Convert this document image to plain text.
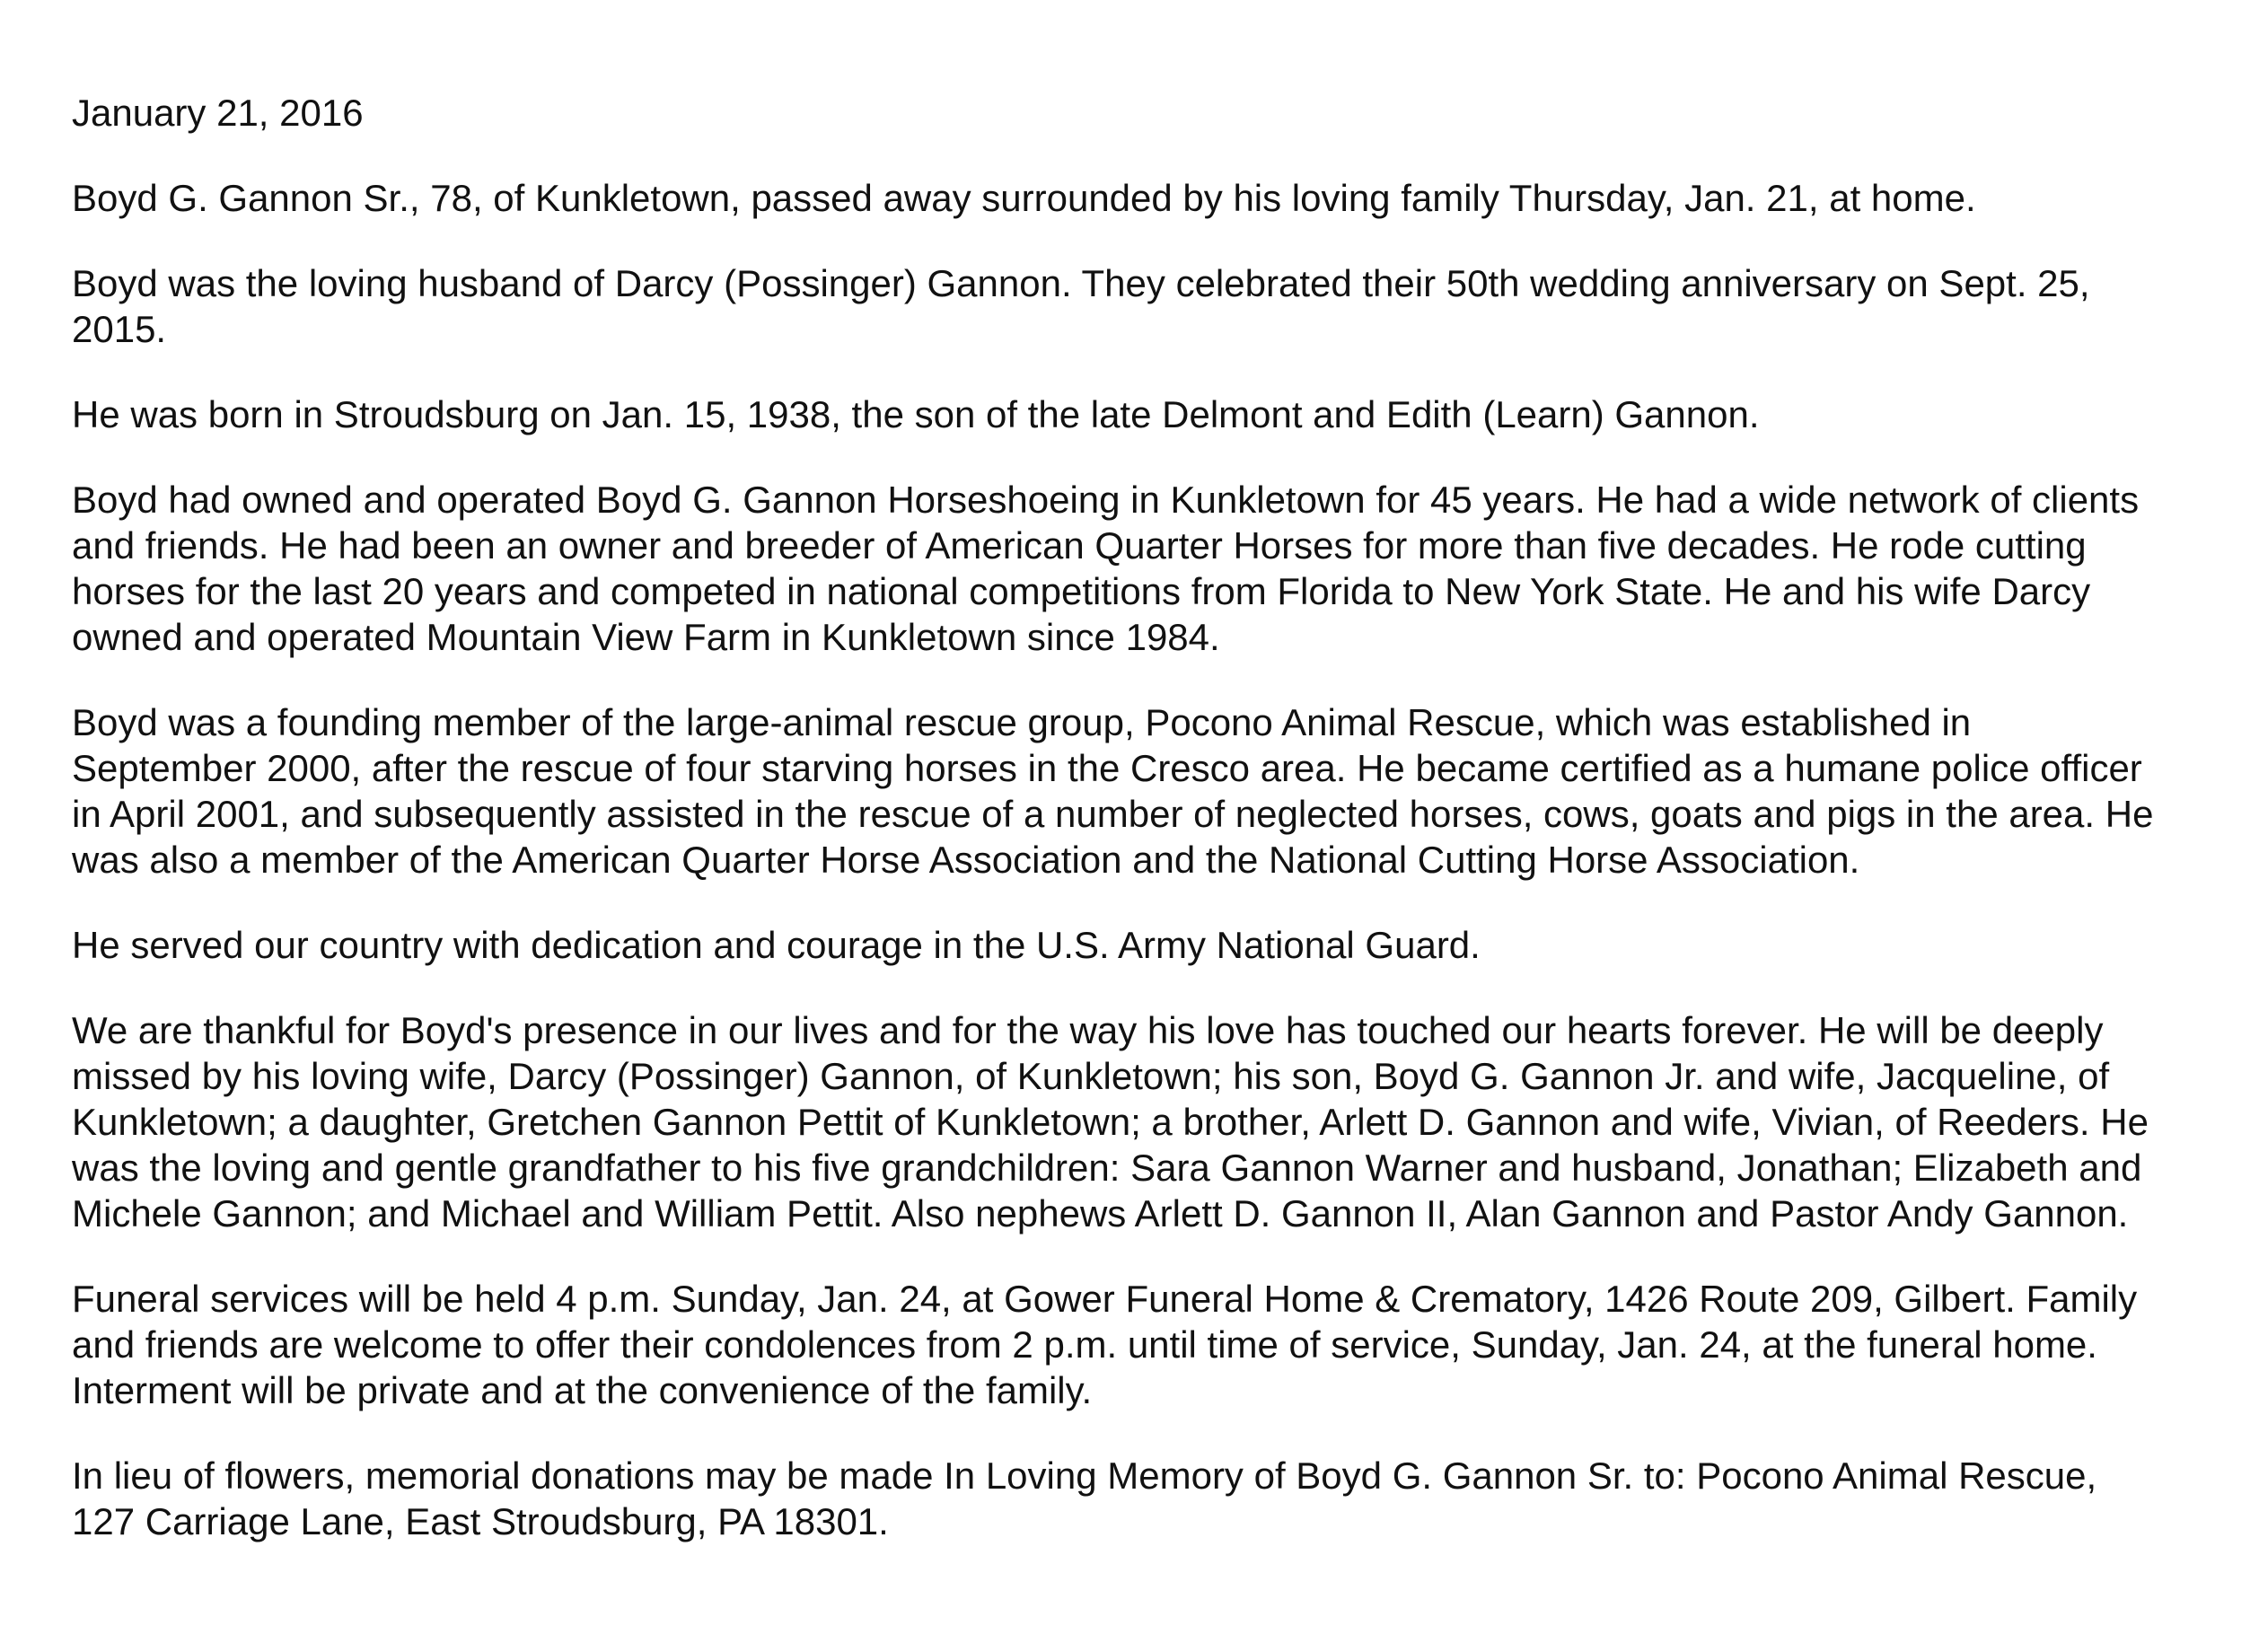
January 21, 2016

Boyd G. Gannon Sr., 78, of Kunkletown, passed away surrounded by his loving family Thursday, Jan. 21, at home.

Boyd was the loving husband of Darcy (Possinger) Gannon. They celebrated their 50th wedding anniversary on Sept. 25, 2015.

He was born in Stroudsburg on Jan. 15, 1938, the son of the late Delmont and Edith (Learn) Gannon.

Boyd had owned and operated Boyd G. Gannon Horseshoeing in Kunkletown for 45 years. He had a wide network of clients and friends. He had been an owner and breeder of American Quarter Horses for more than five decades. He rode cutting horses for the last 20 years and competed in national competitions from Florida to New York State. He and his wife Darcy owned and operated Mountain View Farm in Kunkletown since 1984.

Boyd was a founding member of the large-animal rescue group, Pocono Animal Rescue, which was established in September 2000, after the rescue of four starving horses in the Cresco area. He became certified as a humane police officer in April 2001, and subsequently assisted in the rescue of a number of neglected horses, cows, goats and pigs in the area. He was also a member of the American Quarter Horse Association and the National Cutting Horse Association.

He served our country with dedication and courage in the U.S. Army National Guard.

We are thankful for Boyd's presence in our lives and for the way his love has touched our hearts forever. He will be deeply missed by his loving wife, Darcy (Possinger) Gannon, of Kunkletown; his son, Boyd G. Gannon Jr. and wife, Jacqueline, of Kunkletown; a daughter, Gretchen Gannon Pettit of Kunkletown; a brother, Arlett D. Gannon and wife, Vivian, of Reeders. He was the loving and gentle grandfather to his five grandchildren: Sara Gannon Warner and husband, Jonathan; Elizabeth and Michele Gannon; and Michael and William Pettit. Also nephews Arlett D. Gannon II, Alan Gannon and Pastor Andy Gannon.

Funeral services will be held 4 p.m. Sunday, Jan. 24, at Gower Funeral Home & Crematory, 1426 Route 209, Gilbert. Family and friends are welcome to offer their condolences from 2 p.m. until time of service, Sunday, Jan. 24, at the funeral home. Interment will be private and at the convenience of the family.

In lieu of flowers, memorial donations may be made In Loving Memory of Boyd G. Gannon Sr. to: Pocono Animal Rescue, 127 Carriage Lane, East Stroudsburg, PA 18301.
